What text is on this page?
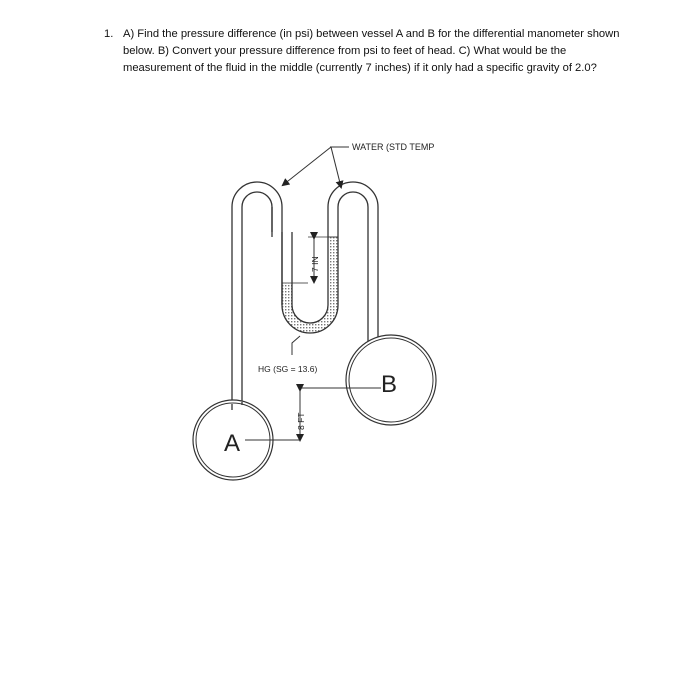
1. A) Find the pressure difference (in psi) between vessel A and B for the differential manometer shown below. B) Convert your pressure difference from psi to feet of head. C) What would be the measurement of the fluid in the middle (currently 7 inches) if it only had a specific gravity of 2.0?
A
B
8 FT
7 IN
WATER (STD TEMP
HG (SG = 13.6)
